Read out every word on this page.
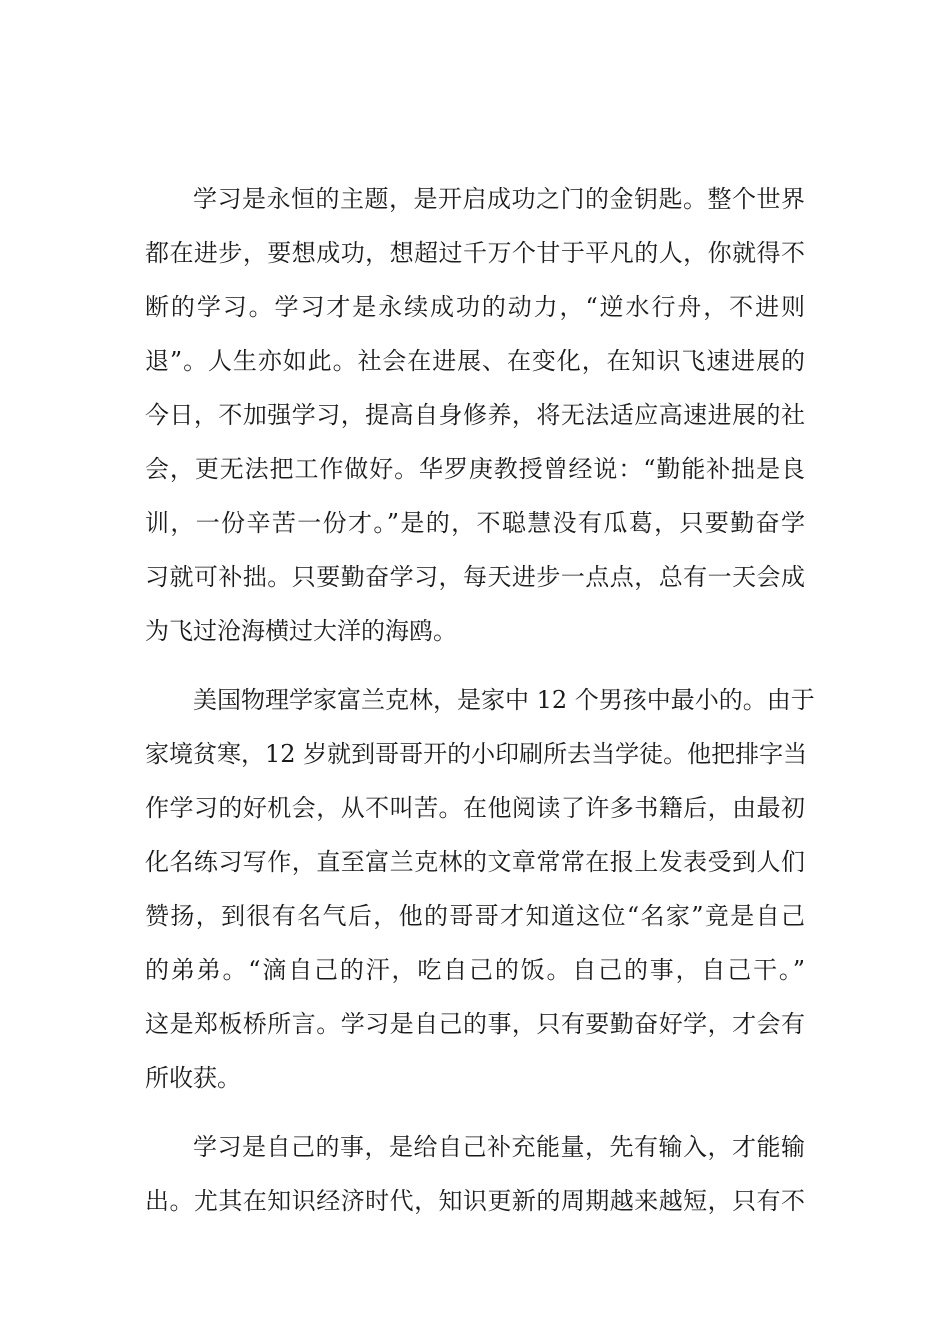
学习是永恒的主题，是开启成功之门的金钥匙。整个世界
都在进步，要想成功，想超过千万个甘于平凡的人，你就得不
断的学习。学习才是永续成功的动力，“逆水行舟，不进则
退”。人生亦如此。社会在进展、在变化，在知识飞速进展的
今日，不加强学习，提高自身修养，将无法适应高速进展的社
会，更无法把工作做好。华罗庚教授曾经说：“勤能补拙是良
训，一份辛苦一份才。”是的，不聪慧没有瓜葛，只要勤奋学
习就可补拙。只要勤奋学习，每天进步一点点，总有一天会成
为飞过沧海横过大洋的海鸥。
美国物理学家富兰克林，是家中 12 个男孩中最小的。由于
家境贫寒，12 岁就到哥哥开的小印刷所去当学徒。他把排字当
作学习的好机会，从不叫苦。在他阅读了许多书籍后，由最初
化名练习写作，直至富兰克林的文章常常在报上发表受到人们
赞扬，到很有名气后，他的哥哥才知道这位“名家”竟是自己
的弟弟。“滴自己的汗，吃自己的饭。自己的事，自己干。”
这是郑板桥所言。学习是自己的事，只有要勤奋好学，才会有
所收获。
学习是自己的事，是给自己补充能量，先有输入，才能输
出。尤其在知识经济时代，知识更新的周期越来越短，只有不
